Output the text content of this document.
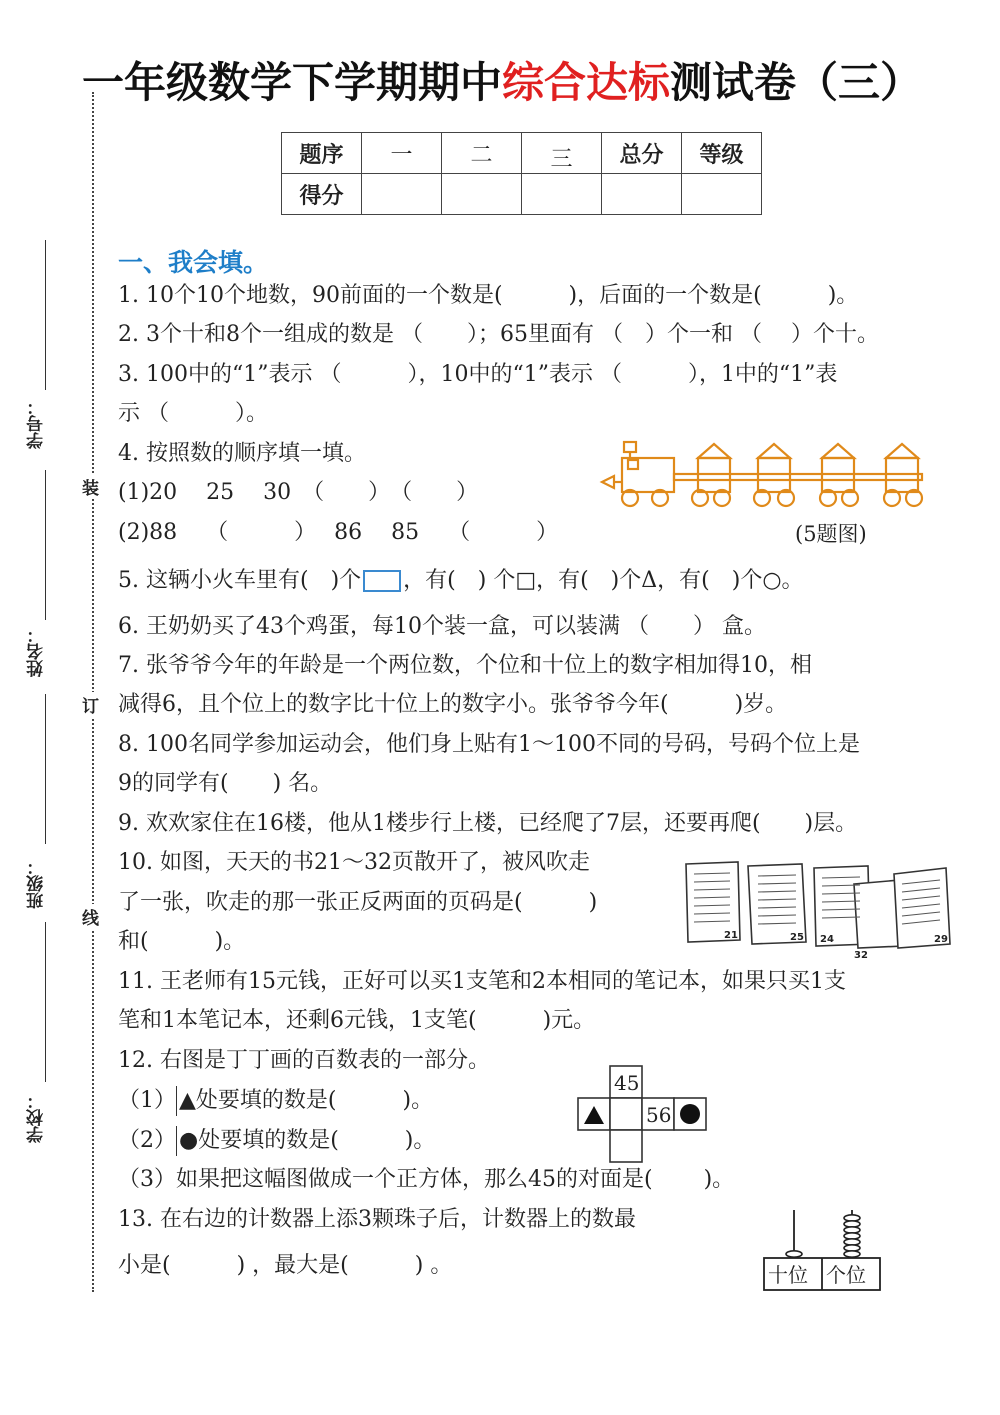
一年级数学下学期期中综合达标测试卷（三）
装
订
线
学号：
姓名：
班级：
学校：
题序	一	二	三	总分	等级
得分					
一、我会填。
1. 10个10个地数，90前面的一个数是(　　　)，后面的一个数是(　　　)。
2. 3个十和8个一组成的数是 （　　）；65里面有 （　）个一和 （　 ）个十。
3. 100中的“1”表示 （　　　），10中的“1”表示 （　　　），1中的“1”表
示 （　　　）。
4. 按照数的顺序填一填。
(1)20　 25　 30　（　　）　（　　）
(2)88　 （　　　）　 86　 85　 （　　　）	(5题图)
5. 这辆小火车里有(　)个 ，有(　) 个□，有(　)个Δ，有(　)个○。
6. 王奶奶买了43个鸡蛋，每10个装一盒，可以装满 （　　） 盒。
7. 张爷爷今年的年龄是一个两位数，个位和十位上的数字相加得10，相
减得6，且个位上的数字比十位上的数字小。张爷爷今年(　　　)岁。
8. 100名同学参加运动会，他们身上贴有1～100不同的号码，号码个位上是
9的同学有(　　) 名。
9. 欢欢家住在16楼，他从1楼步行上楼，已经爬了7层，还要再爬(　　)层。
10. 如图，天天的书21～32页散开了，被风吹走
了一张，吹走的那一张正反两面的页码是(　　　)
和(　　　)。	21	25 24
32
29
11. 王老师有15元钱，正好可以买1支笔和2本相同的笔记本，如果只买1支
笔和1本笔记本，还剩6元钱，1支笔(　　　)元。
12. 右图是丁丁画的百数表的一部分。
（1） ▲处要填的数是(　　　)。
（2） ●处要填的数是(　　　)。
（3）如果把这幅图做成一个正方体，那么45的对面是(　　 )。
45
56
13. 在右边的计数器上添3颗珠子后，计数器上的数最
小是(　　　) ，最大是(　　　) 。	十位 个位
